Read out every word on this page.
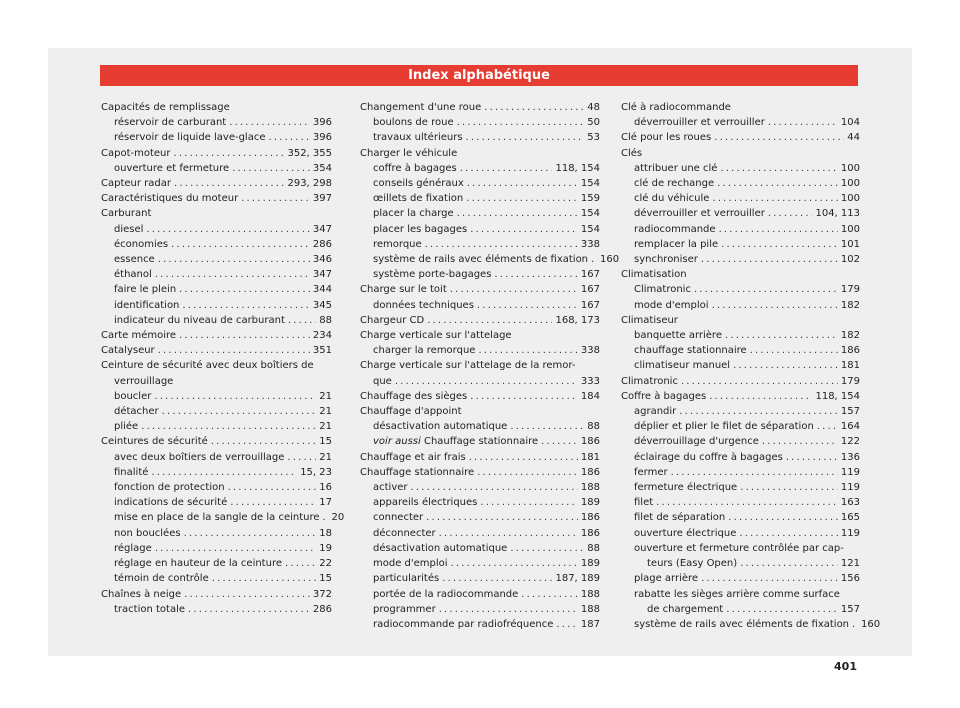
Index alphabétique
Capacités de remplissage
réservoir de carburant . . .	396
réservoir de liquide lave-glace . . .	396
Capot-moteur . . .	352, 355
ouverture et fermeture . . .	354
Capteur radar . . .	293, 298
Caractéristiques du moteur . . .	397
Carburant
diesel . . .	347
économies . . .	286
essence . . .	346
éthanol . . .	347
faire le plein . . .	344
identification . . .	345
indicateur du niveau de carburant . . .	88
Carte mémoire . . .	234
Catalyseur . . .	351
Ceinture de sécurité avec deux boîtiers de
verrouillage
boucler . . .	21
détacher . . .	21
pliée . . .	21
Ceintures de sécurité . . .	15
avec deux boîtiers de verrouillage . . .	21
finalité . . .	15, 23
fonction de protection . . .	16
indications de sécurité . . .	17
mise en place de la sangle de la ceinture . . . 20
non bouclées . . .	18
réglage . . .	19
réglage en hauteur de la ceinture . . .	22
témoin de contrôle . . .	15
Chaînes à neige . . .	372
traction totale . . .	286
Changement d'une roue . . .	48
boulons de roue . . .	50
travaux ultérieurs . . .	53
Charger le véhicule
coffre à bagages . . .	118, 154
conseils généraux . . .	154
œillets de fixation . . .	159
placer la charge . . .	154
placer les bagages . . .	154
remorque . . .	338
système de rails avec éléments de fixation . . . 160
système porte-bagages . . .	167
Charge sur le toit . . .	167
données techniques . . .	167
Chargeur CD . . .	168, 173
Charge verticale sur l'attelage
charger la remorque . . .	338
Charge verticale sur l'attelage de la remor-
que . . .	333
Chauffage des sièges . . .	184
Chauffage d'appoint
désactivation automatique . . .	88
voir aussi Chauffage stationnaire . . .	186
Chauffage et air frais . . .	181
Chauffage stationnaire . . .	186
activer . . .	188
appareils électriques . . .	189
connecter . . .	186
déconnecter . . .	186
désactivation automatique . . .	88
mode d'emploi . . .	189
particularités . . .	187, 189
portée de la radiocommande . . .	188
programmer . . .	188
radiocommande par radiofréquence . . .	187
Clé à radiocommande
déverrouiller et verrouiller . . .	104
Clé pour les roues . . .	44
Clés
attribuer une clé . . .	100
clé de rechange . . .	100
clé du véhicule . . .	100
déverrouiller et verrouiller . . .	104, 113
radiocommande . . .	100
remplacer la pile . . .	101
synchroniser . . .	102
Climatisation
Climatronic . . .	179
mode d'emploi . . .	182
Climatiseur
banquette arrière . . .	182
chauffage stationnaire . . .	186
climatiseur manuel . . .	181
Climatronic . . .	179
Coffre à bagages . . .	118, 154
agrandir . . .	157
déplier et plier le filet de séparation . . .	164
déverrouillage d'urgence . . .	122
éclairage du coffre à bagages . . .	136
fermer . . .	119
fermeture électrique . . .	119
filet . . .	163
filet de séparation . . .	165
ouverture électrique . . .	119
ouverture et fermeture contrôlée par cap-
teurs (Easy Open) . . .	121
plage arrière . . .	156
rabatte les sièges arrière comme surface
de chargement . . .	157
système de rails avec éléments de fixation . . . 160
401
